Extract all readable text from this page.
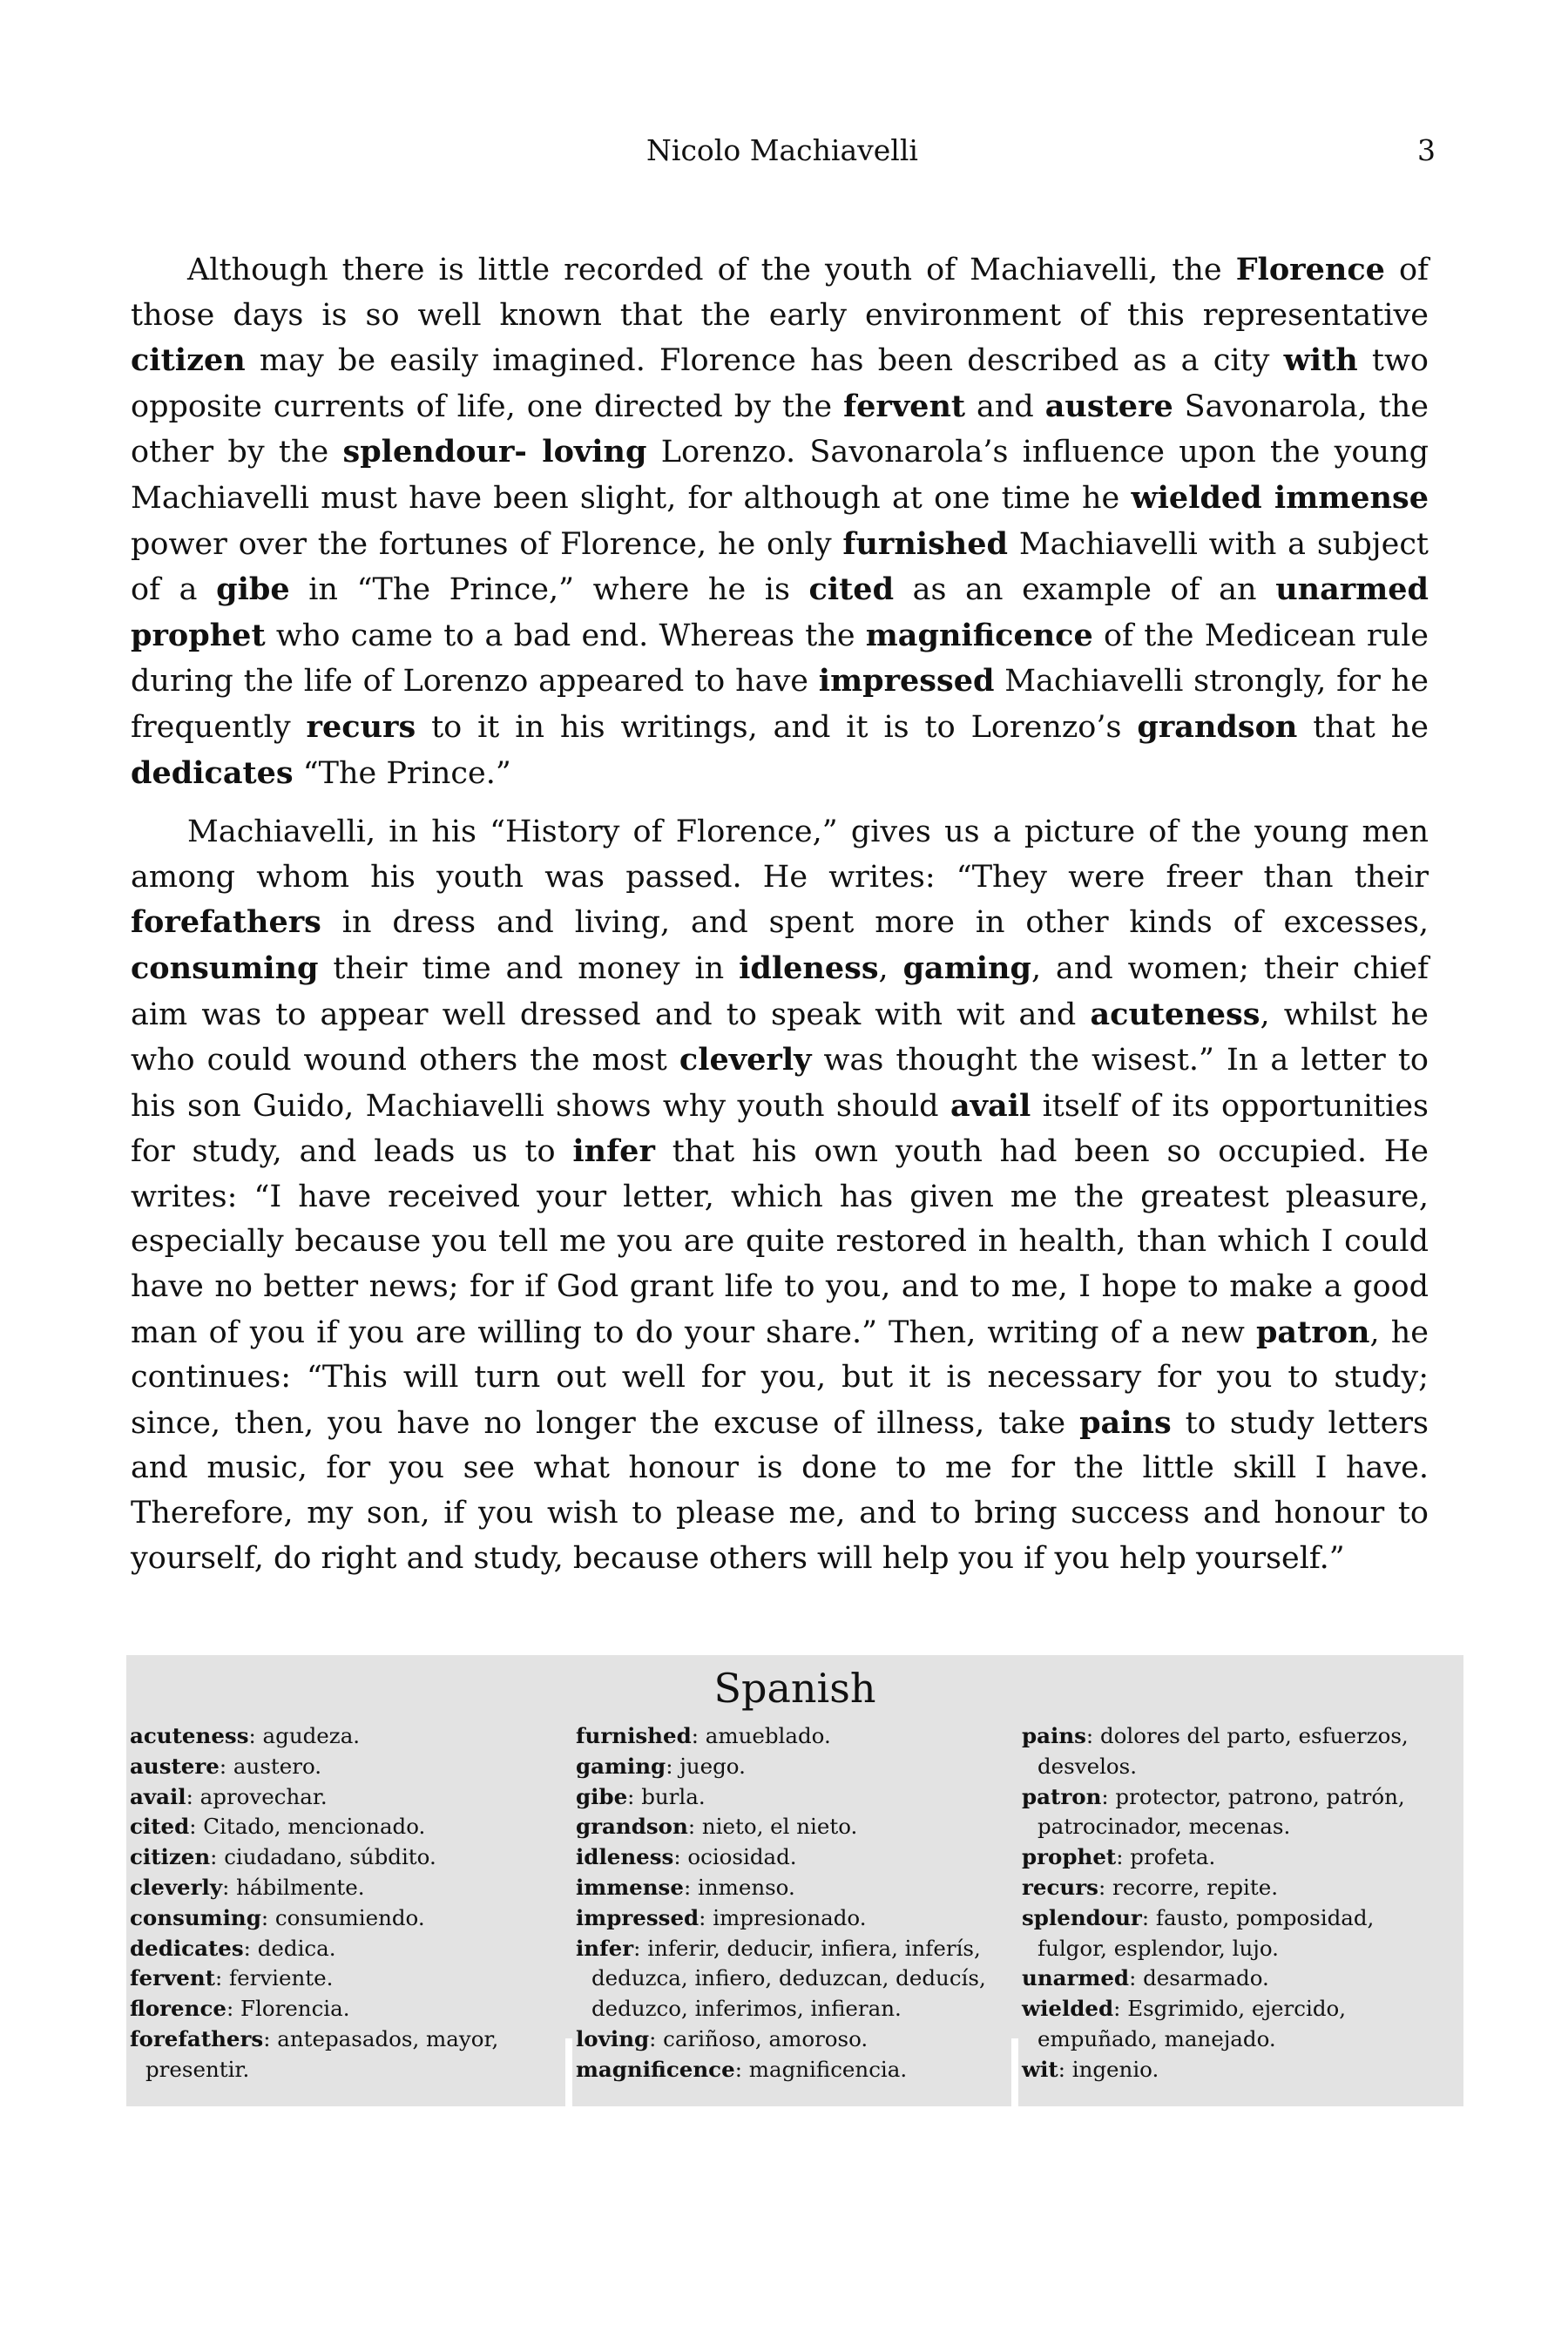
Nicolo Machiavelli	3

Although there is little recorded of the youth of Machiavelli, the Florence of those days is so well known that the early environment of this representative citizen may be easily imagined. Florence has been described as a city with two opposite currents of life, one directed by the fervent and austere Savonarola, the other by the splendour- loving Lorenzo. Savonarola’s influence upon the young Machiavelli must have been slight, for although at one time he wielded immense power over the fortunes of Florence, he only furnished Machiavelli with a subject of a gibe in “The Prince,” where he is cited as an example of an unarmed prophet who came to a bad end. Whereas the magnificence of the Medicean rule during the life of Lorenzo appeared to have impressed Machiavelli strongly, for he frequently recurs to it in his writings, and it is to Lorenzo’s grandson that he dedicates “The Prince.”

Machiavelli, in his “History of Florence,” gives us a picture of the young men among whom his youth was passed. He writes: “They were freer than their forefathers in dress and living, and spent more in other kinds of excesses, consuming their time and money in idleness, gaming, and women; their chief aim was to appear well dressed and to speak with wit and acuteness, whilst he who could wound others the most cleverly was thought the wisest.” In a letter to his son Guido, Machiavelli shows why youth should avail itself of its opportunities for study, and leads us to infer that his own youth had been so occupied. He writes: “I have received your letter, which has given me the greatest pleasure, especially because you tell me you are quite restored in health, than which I could have no better news; for if God grant life to you, and to me, I hope to make a good man of you if you are willing to do your share.” Then, writing of a new patron, he continues: “This will turn out well for you, but it is necessary for you to study; since, then, you have no longer the excuse of illness, take pains to study letters and music, for you see what honour is done to me for the little skill I have. Therefore, my son, if you wish to please me, and to bring success and honour to yourself, do right and study, because others will help you if you help yourself.”

Spanish
acuteness: agudeza.
austere: austero.
avail: aprovechar.
cited: Citado, mencionado.
citizen: ciudadano, súbdito.
cleverly: hábilmente.
consuming: consumiendo.
dedicates: dedica.
fervent: ferviente.
florence: Florencia.
forefathers: antepasados, mayor, presentir.
furnished: amueblado.
gaming: juego.
gibe: burla.
grandson: nieto, el nieto.
idleness: ociosidad.
immense: inmenso.
impressed: impresionado.
infer: inferir, deducir, infiera, inferís, deduzca, infiero, deduzcan, deducís, deduzco, inferimos, infieran.
loving: cariñoso, amoroso.
magnificence: magnificencia.
pains: dolores del parto, esfuerzos, desvelos.
patron: protector, patrono, patrón, patrocinador, mecenas.
prophet: profeta.
recurs: recorre, repite.
splendour: fausto, pomposidad, fulgor, esplendor, lujo.
unarmed: desarmado.
wielded: Esgrimido, ejercido, empuñado, manejado.
wit: ingenio.
